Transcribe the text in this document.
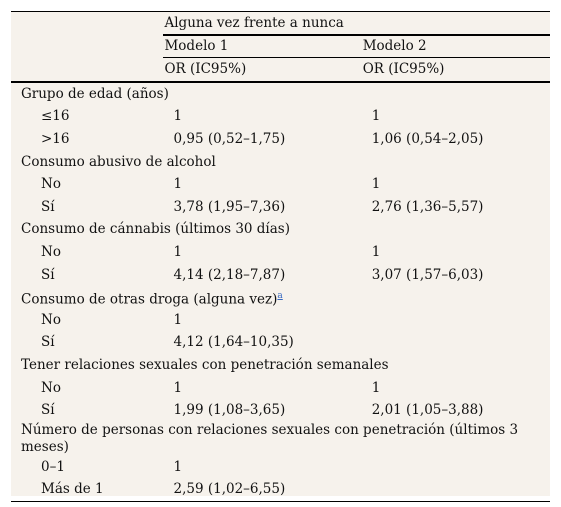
	Alguna vez frente a nunca	
	Modelo 1	Modelo 2
	OR (IC95%)	OR (IC95%)
Grupo de edad (años)		
≤16	1	1
>16	0,95 (0,52–1,75)	1,06 (0,54–2,05)
Consumo abusivo de alcohol		
No	1	1
Sí	3,78 (1,95–7,36)	2,76 (1,36–5,57)
Consumo de cánnabis (últimos 30 días)		
No	1	1
Sí	4,14 (2,18–7,87)	3,07 (1,57–6,03)
Consumo de otras droga (alguna vez)$^a$
No	1	
Sí	4,12 (1,64–10,35)	
Tener relaciones sexuales con penetración semanales		
No	1	1
Sí	1,99 (1,08–3,65)	2,01 (1,05–3,88)
Número de personas con relaciones sexuales con penetración (últimos 3 meses)		
0–1	1	
Más de 1	2,59 (1,02–6,55)	
